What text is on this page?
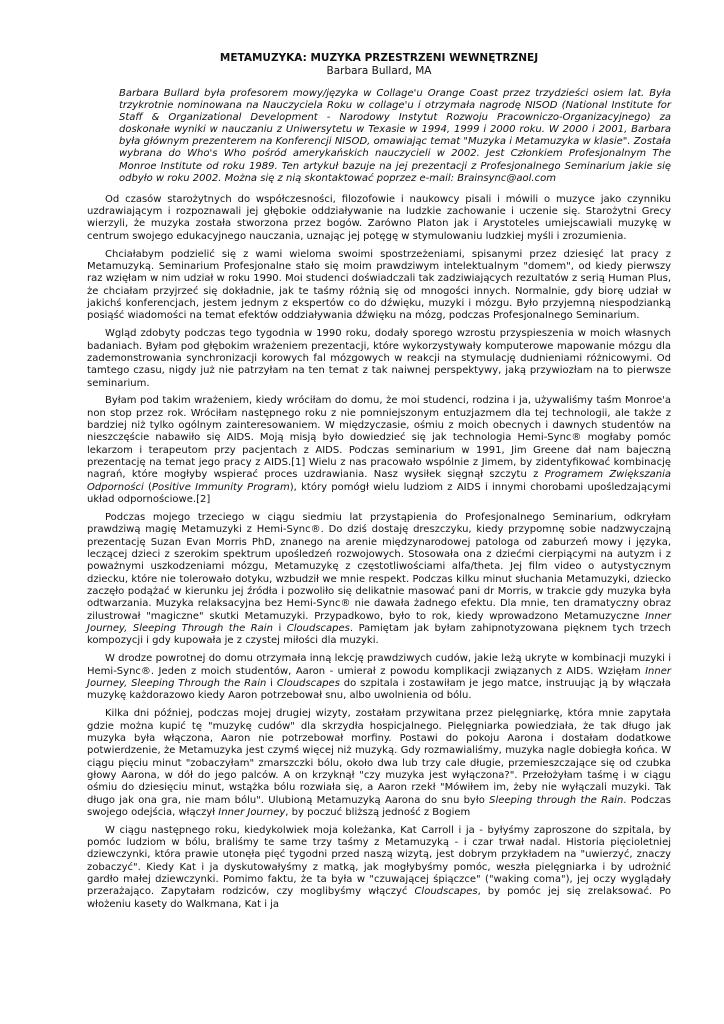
METAMUZYKA: MUZYKA PRZESTRZENI WEWNĘTRZNEJ

Barbara Bullard, MA

Barbara Bullard była profesorem mowy/języka w Collage'u Orange Coast przez trzydzieści osiem lat. Była trzykrotnie nominowana na Nauczyciela Roku w collage'u i otrzymała nagrodę NISOD (National Institute for Staff & Organizational Development - Narodowy Instytut Rozwoju Pracowniczo-Organizacyjnego) za doskonałe wyniki w nauczaniu z Uniwersytetu w Texasie w 1994, 1999 i 2000 roku. W 2000 i 2001, Barbara była głównym prezenterem na Konferencji NISOD, omawiając temat "Muzyka i Metamuzyka w klasie". Została wybrana do Who's Who pośród amerykańskich nauczycieli w 2002. Jest Członkiem Profesjonalnym The Monroe Institute od roku 1989. Ten artykuł bazuje na jej prezentacji z Profesjonalnego Seminarium jakie się odbyło w roku 2002. Można się z nią skontaktować poprzez e-mail: Brainsync@aol.com

Od czasów starożytnych do współczesności, filozofowie i naukowcy pisali i mówili o muzyce jako czynniku uzdrawiającym i rozpoznawali jej głębokie oddziaływanie na ludzkie zachowanie i uczenie się. Starożytni Grecy wierzyli, że muzyka została stworzona przez bogów. Zarówno Platon jak i Arystoteles umiejscawiali muzykę w centrum swojego edukacyjnego nauczania, uznając jej potęgę w stymulowaniu ludzkiej myśli i zrozumienia.

Chciałabym podzielić się z wami wieloma swoimi spostrzeżeniami, spisanymi przez dziesięć lat pracy z Metamuzyką. Seminarium Profesjonalne stało się moim prawdziwym intelektualnym "domem", od kiedy pierwszy raz wzięłam w nim udział w roku 1990. Moi studenci doświadczali tak zadziwiających rezultatów z serią Human Plus, że chciałam przyjrzeć się dokładnie, jak te taśmy różnią się od mnogości innych. Normalnie, gdy biorę udział w jakichś konferencjach, jestem jednym z ekspertów co do dźwięku, muzyki i mózgu. Było przyjemną niespodzianką posiąść wiadomości na temat efektów oddziaływania dźwięku na mózg, podczas Profesjonalnego Seminarium.

Wgląd zdobyty podczas tego tygodnia w 1990 roku, dodały sporego wzrostu przyspieszenia w moich własnych badaniach. Byłam pod głębokim wrażeniem prezentacji, które wykorzystywały komputerowe mapowanie mózgu dla zademonstrowania synchronizacji korowych fal mózgowych w reakcji na stymulację dudnieniami różnicowymi. Od tamtego czasu, nigdy już nie patrzyłam na ten temat z tak naiwnej perspektywy, jaką przywiozłam na to pierwsze seminarium.

Byłam pod takim wrażeniem, kiedy wróciłam do domu, że moi studenci, rodzina i ja, używaliśmy taśm Monroe'a non stop przez rok. Wróciłam następnego roku z nie pomniejszonym entuzjazmem dla tej technologii, ale także z bardziej niż tylko ogólnym zainteresowaniem. W międzyczasie, ośmiu z moich obecnych i dawnych studentów na nieszczęście nabawiło się AIDS. Moją misją było dowiedzieć się jak technologia Hemi-Sync® mogłaby pomóc lekarzom i terapeutom przy pacjentach z AIDS. Podczas seminarium w 1991, Jim Greene dał nam bajeczną prezentację na temat jego pracy z AIDS.[1] Wielu z nas pracowało wspólnie z Jimem, by zidentyfikować kombinację nagrań, które mogłyby wspierać proces uzdrawiania. Nasz wysiłek sięgnął szczytu z Programem Zwiększania Odporności (Positive Immunity Program), który pomógł wielu ludziom z AIDS i innymi chorobami upośledzającymi układ odpornościowe.[2]

Podczas mojego trzeciego w ciągu siedmiu lat przystąpienia do Profesjonalnego Seminarium, odkryłam prawdziwą magię Metamuzyki z Hemi-Sync®. Do dziś dostaję dreszczyku, kiedy przypomnę sobie nadzwyczajną prezentację Suzan Evan Morris PhD, znanego na arenie międzynarodowej patologa od zaburzeń mowy i języka, leczącej dzieci z szerokim spektrum upośledzeń rozwojowych. Stosowała ona z dziećmi cierpiącymi na autyzm i z poważnymi uszkodzeniami mózgu, Metamuzykę z częstotliwościami alfa/theta. Jej film video o autystycznym dziecku, które nie tolerowało dotyku, wzbudził we mnie respekt. Podczas kilku minut słuchania Metamuzyki, dziecko zaczęło podążać w kierunku jej źródła i pozwoliło się delikatnie masować pani dr Morris, w trakcie gdy muzyka była odtwarzania. Muzyka relaksacyjna bez Hemi-Sync® nie dawała żadnego efektu. Dla mnie, ten dramatyczny obraz zilustrował "magiczne" skutki Metamuzyki. Przypadkowo, było to rok, kiedy wprowadzono Metamuzyczne Inner Journey, Sleeping Through the Rain i Cloudscapes. Pamiętam jak byłam zahipnotyzowana pięknem tych trzech kompozycji i gdy kupowała je z czystej miłości dla muzyki.

W drodze powrotnej do domu otrzymała inną lekcję prawdziwych cudów, jakie leżą ukryte w kombinacji muzyki i Hemi-Sync®. Jeden z moich studentów, Aaron - umierał z powodu komplikacji związanych z AIDS. Wzięłam Inner Journey, Sleeping Through the Rain i Cloudscapes do szpitala i zostawiłam je jego matce, instruując ją by włączała muzykę każdorazowo kiedy Aaron potrzebował snu, albo uwolnienia od bólu.

Kilka dni później, podczas mojej drugiej wizyty, zostałam przywitana przez pielęgniarkę, która mnie zapytała gdzie można kupić tę "muzykę cudów" dla skrzydła hospicjalnego. Pielęgniarka powiedziała, że tak długo jak muzyka była włączona, Aaron nie potrzebował morfiny. Postawi do pokoju Aarona i dostałam dodatkowe potwierdzenie, że Metamuzyka jest czymś więcej niż muzyką. Gdy rozmawialiśmy, muzyka nagle dobiegła końca. W ciągu pięciu minut "zobaczyłam" zmarszczki bólu, około dwa lub trzy cale długie, przemieszczające się od czubka głowy Aarona, w dół do jego palców. A on krzyknął "czy muzyka jest wyłączona?". Przełożyłam taśmę i w ciągu ośmiu do dziesięciu minut, wstążka bólu rozwiała się, a Aaron rzekł "Mówiłem im, żeby nie wyłączali muzyki. Tak długo jak ona gra, nie mam bólu". Ulubioną Metamuzyką Aarona do snu było Sleeping through the Rain. Podczas swojego odejścia, włączył Inner Journey, by poczuć bliższą jedność z Bogiem

W ciągu następnego roku, kiedykolwiek moja koleżanka, Kat Carroll i ja - byłyśmy zaproszone do szpitala, by pomóc ludziom w bólu, braliśmy te same trzy taśmy z Metamuzyką - i czar trwał nadal. Historia pięcioletniej dziewczynki, która prawie utonęła pięć tygodni przed naszą wizytą, jest dobrym przykładem na "uwierzyć, znaczy zobaczyć". Kiedy Kat i ja dyskutowałyśmy z matką, jak mogłybyśmy pomóc, weszła pielęgniarka i by udrożnić gardło małej dziewczynki. Pomimo faktu, że ta była w "czuwającej śpiączce" ("waking coma"), jej oczy wyglądały przerażająco. Zapytałam rodziców, czy moglibyśmy włączyć Cloudscapes, by pomóc jej się zrelaksować. Po włożeniu kasety do Walkmana, Kat i ja
